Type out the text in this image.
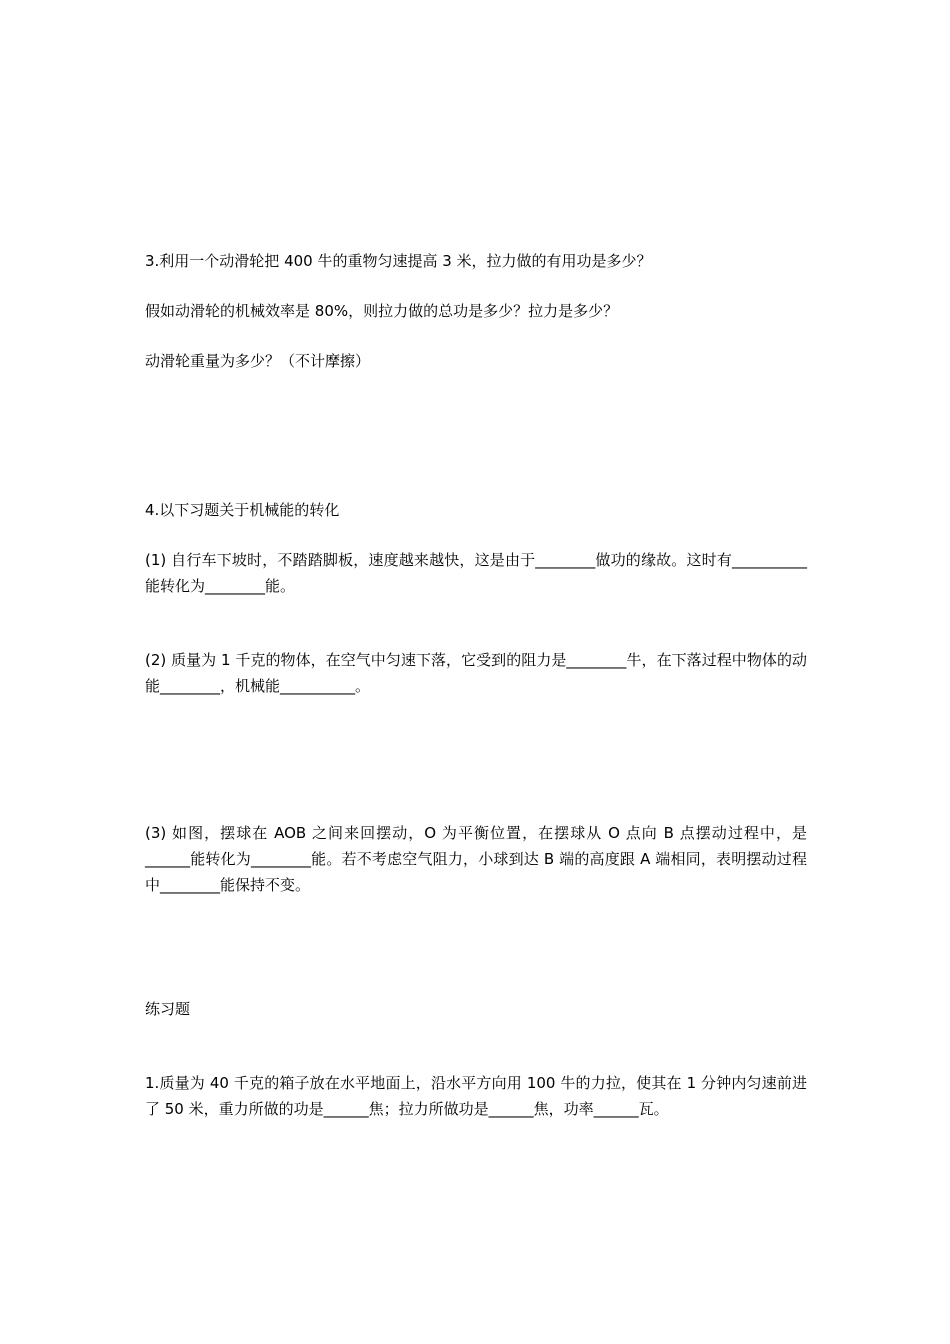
3.利用一个动滑轮把 400 牛的重物匀速提高 3 米，拉力做的有用功是多少？

假如动滑轮的机械效率是 80%，则拉力做的总功是多少？拉力是多少？

动滑轮重量为多少？（不计摩擦）

4.以下习题关于机械能的转化

(1) 自行车下坡时，不踏踏脚板，速度越来越快，这是由于________做功的缘故。这时有__________能转化为________能。

(2) 质量为 1 千克的物体，在空气中匀速下落，它受到的阻力是________牛，在下落过程中物体的动能________，机械能__________。

(3) 如图，摆球在 AOB 之间来回摆动，O 为平衡位置，在摆球从 O 点向 B 点摆动过程中，是______能转化为________能。若不考虑空气阻力，小球到达 B 端的高度跟 A 端相同，表明摆动过程中________能保持不变。

练习题

1.质量为 40 千克的箱子放在水平地面上，沿水平方向用 100 牛的力拉，使其在 1 分钟内匀速前进了 50 米，重力所做的功是______焦；拉力所做功是______焦，功率______瓦。
